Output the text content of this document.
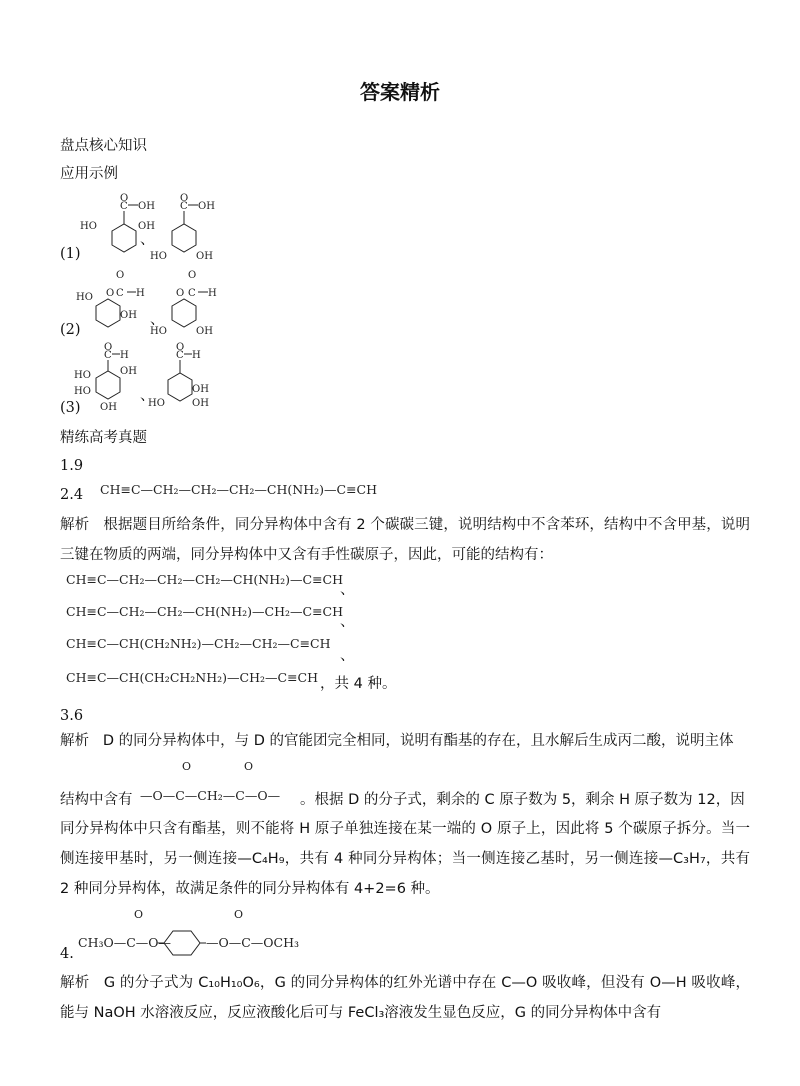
答案精析
盘点核心知识
应用示例
(1)
C
O
OH
HO	OH
C
O
OH
HO	OH
、
(2)
HO O C
O
H
OH
O C
O
H
HO	OH
、
(3)
C
O
H
HO	OH
HO
OH
C
O
H
HO
OH
OH
、
精练高考真题
1.9
2.4 CH≡C—CH₂—CH₂—CH₂—CH(NH₂)—C≡CH
解析 根据题目所给条件，同分异构体中含有 2 个碳碳三键，说明结构中不含苯环，结构中不含甲基，说明三键在物质的两端，同分异构体中又含有手性碳原子，因此，可能的结构有：
CH≡C—CH₂—CH₂—CH₂—CH(NH₂)—C≡CH
、
CH≡C—CH₂—CH₂—CH(NH₂)—CH₂—C≡CH
、
CH≡C—CH(CH₂NH₂)—CH₂—CH₂—C≡CH
、
CH≡C—CH(CH₂CH₂NH₂)—CH₂—C≡CH ，共 4 种。
3.6
解析 D 的同分异构体中，与 D 的官能团完全相同，说明有酯基的存在，且水解后生成丙二酸，说明主体
结构中含有
O	O
—O—C—CH₂—C—O— 。根据 D 的分子式，剩余的 C 原子数为 5，剩余 H 原子数为 12，因
同分异构体中只含有酯基，则不能将 H 原子单独连接在某一端的 O 原子上，因此将 5 个碳原子拆分。当一侧连接甲基时，另一侧连接—C₄H₉，共有 4 种同分异构体；当一侧连接乙基时，另一侧连接—C₃H₇，共有 2 种同分异构体，故满足条件的同分异构体有 4+2=6 种。
4.
O	O
CH₃O—C—O—	—O—C—OCH₃
解析 G 的分子式为 C₁₀H₁₀O₆，G 的同分异构体的红外光谱中存在 C—O 吸收峰，但没有 O—H 吸收峰，能与 NaOH 水溶液反应，反应液酸化后可与 FeCl₃溶液发生显色反应，G 的同分异构体中含有
